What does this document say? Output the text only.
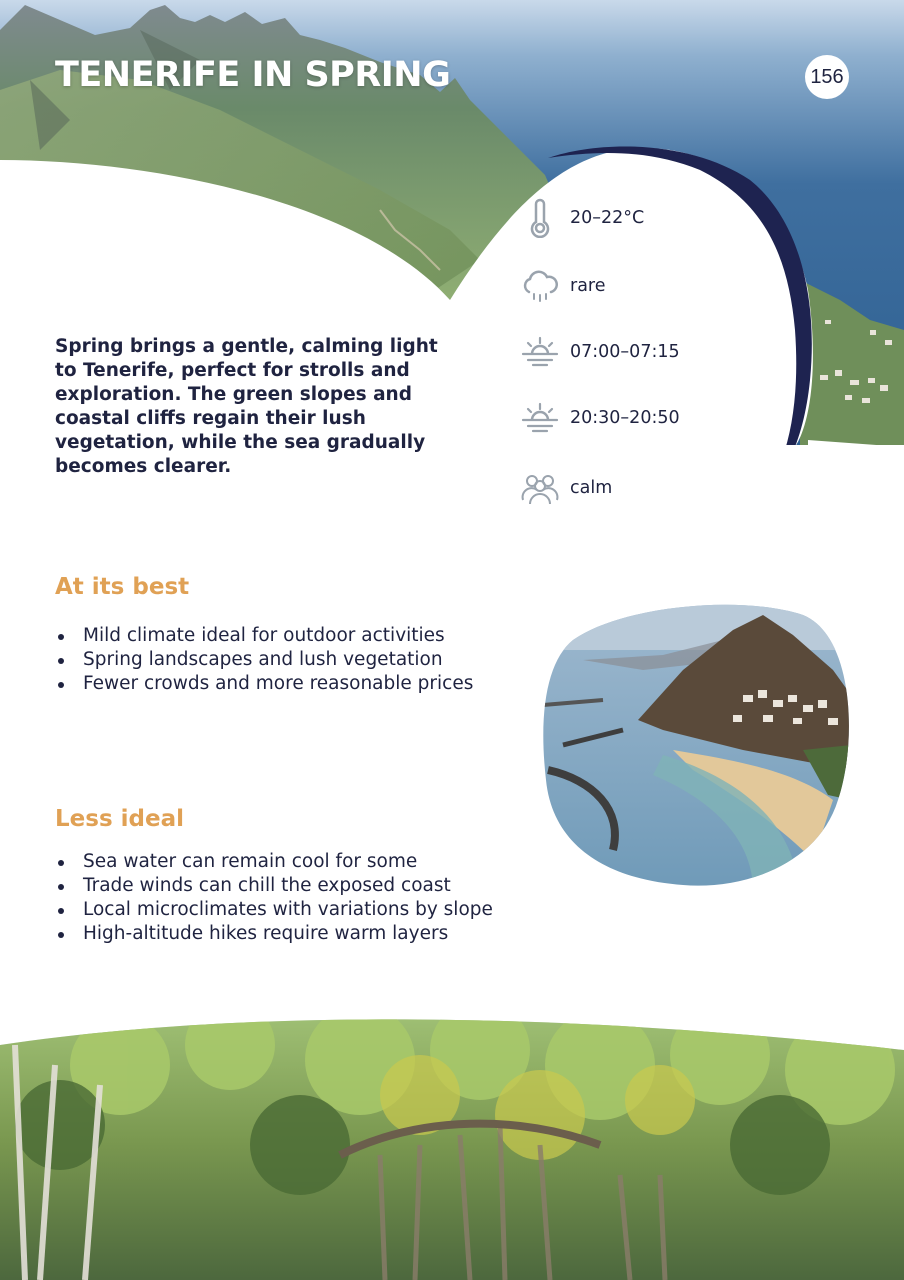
TENERIFE IN SPRING	156

Spring brings a gentle, calming light to Tenerife, perfect for strolls and exploration. The green slopes and coastal cliffs regain their lush vegetation, while the sea gradually becomes clearer.

20–22°C
rare
07:00–07:15
20:30–20:50
calm
At its best
Mild climate ideal for outdoor activities
Spring landscapes and lush vegetation
Fewer crowds and more reasonable prices
Less ideal
Sea water can remain cool for some
Trade winds can chill the exposed coast
Local microclimates with variations by slope
High-altitude hikes require warm layers
